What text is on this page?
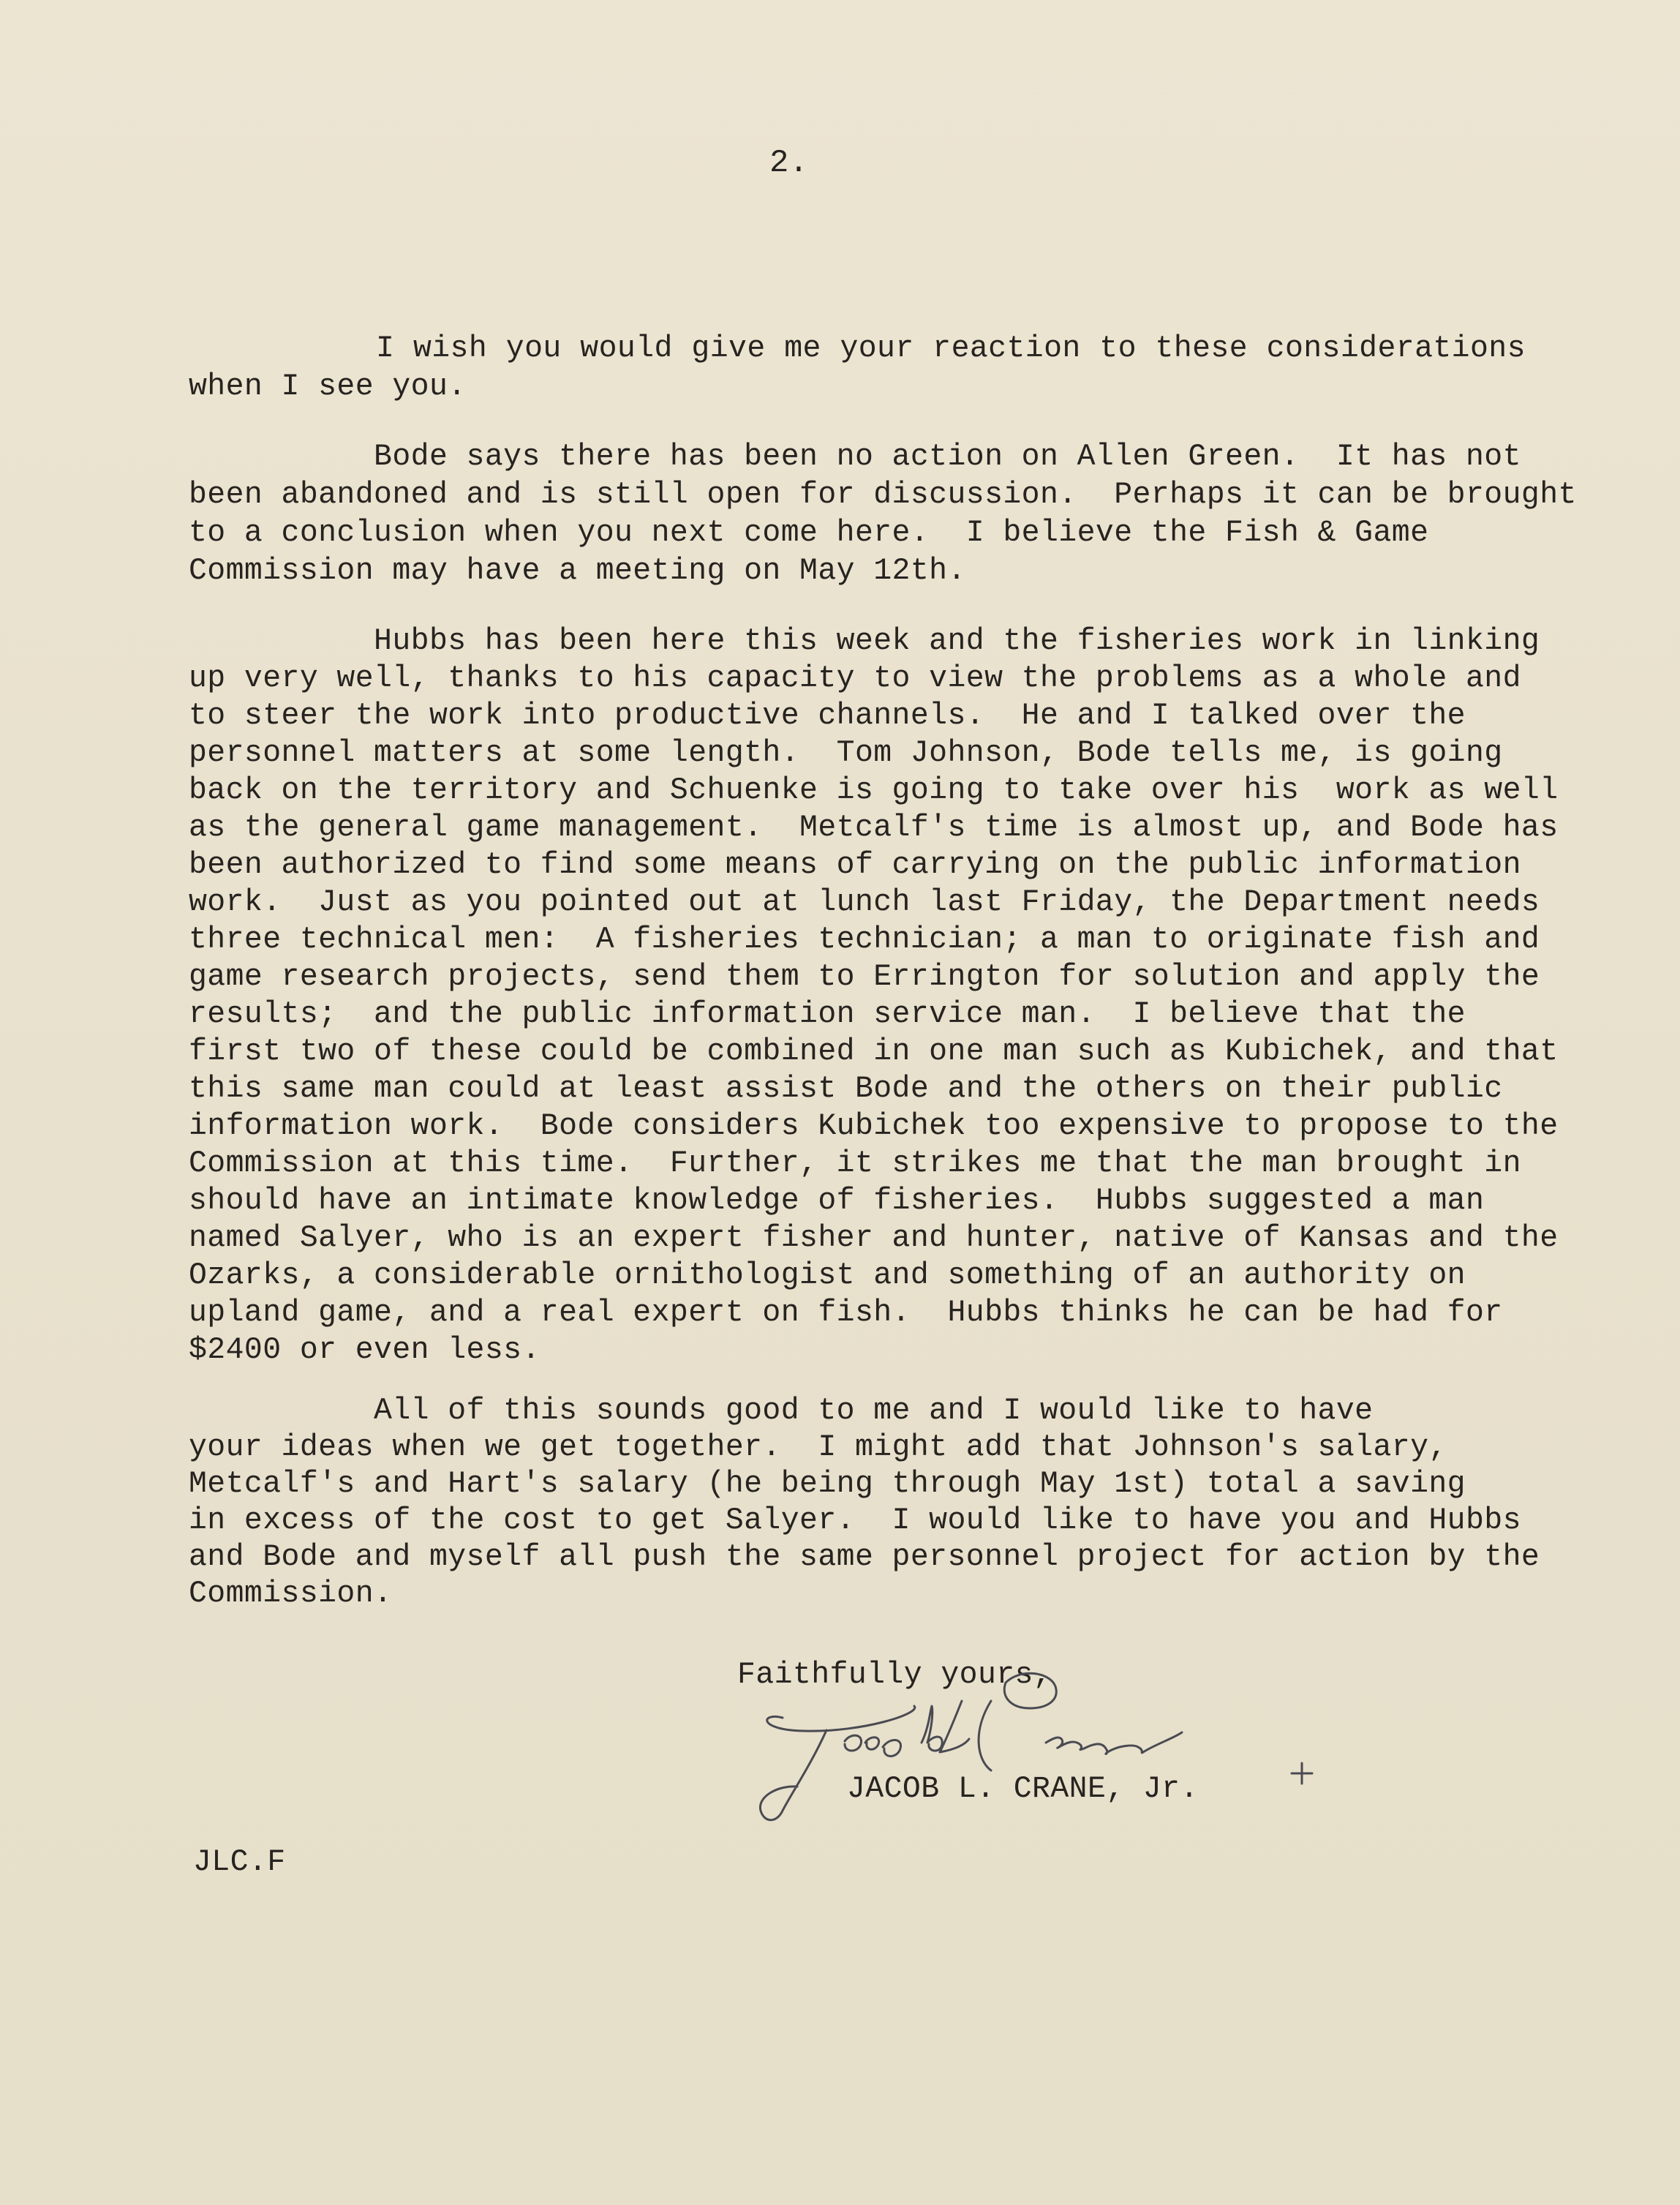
2.

I wish you would give me your reaction to these considerations

when I see you.

Bode says there has been no action on Allen Green.  It has not

been abandoned and is still open for discussion.  Perhaps it can be brought

to a conclusion when you next come here.  I believe the Fish & Game

Commission may have a meeting on May 12th.

Hubbs has been here this week and the fisheries work in linking

up very well, thanks to his capacity to view the problems as a whole and

to steer the work into productive channels.  He and I talked over the

personnel matters at some length.  Tom Johnson, Bode tells me, is going

back on the territory and Schuenke is going to take over his  work as well

as the general game management.  Metcalf's time is almost up, and Bode has

been authorized to find some means of carrying on the public information

work.  Just as you pointed out at lunch last Friday, the Department needs

three technical men:  A fisheries technician; a man to originate fish and

game research projects, send them to Errington for solution and apply the

results;  and the public information service man.  I believe that the

first two of these could be combined in one man such as Kubichek, and that

this same man could at least assist Bode and the others on their public

information work.  Bode considers Kubichek too expensive to propose to the

Commission at this time.  Further, it strikes me that the man brought in

should have an intimate knowledge of fisheries.  Hubbs suggested a man

named Salyer, who is an expert fisher and hunter, native of Kansas and the

Ozarks, a considerable ornithologist and something of an authority on

upland game, and a real expert on fish.  Hubbs thinks he can be had for

$2400 or even less.

All of this sounds good to me and I would like to have

your ideas when we get together.  I might add that Johnson's salary,

Metcalf's and Hart's salary (he being through May 1st) total a saving

in excess of the cost to get Salyer.  I would like to have you and Hubbs

and Bode and myself all push the same personnel project for action by the

Commission.

Faithfully yours,
JACOB L. CRANE, Jr.
JLC.F
